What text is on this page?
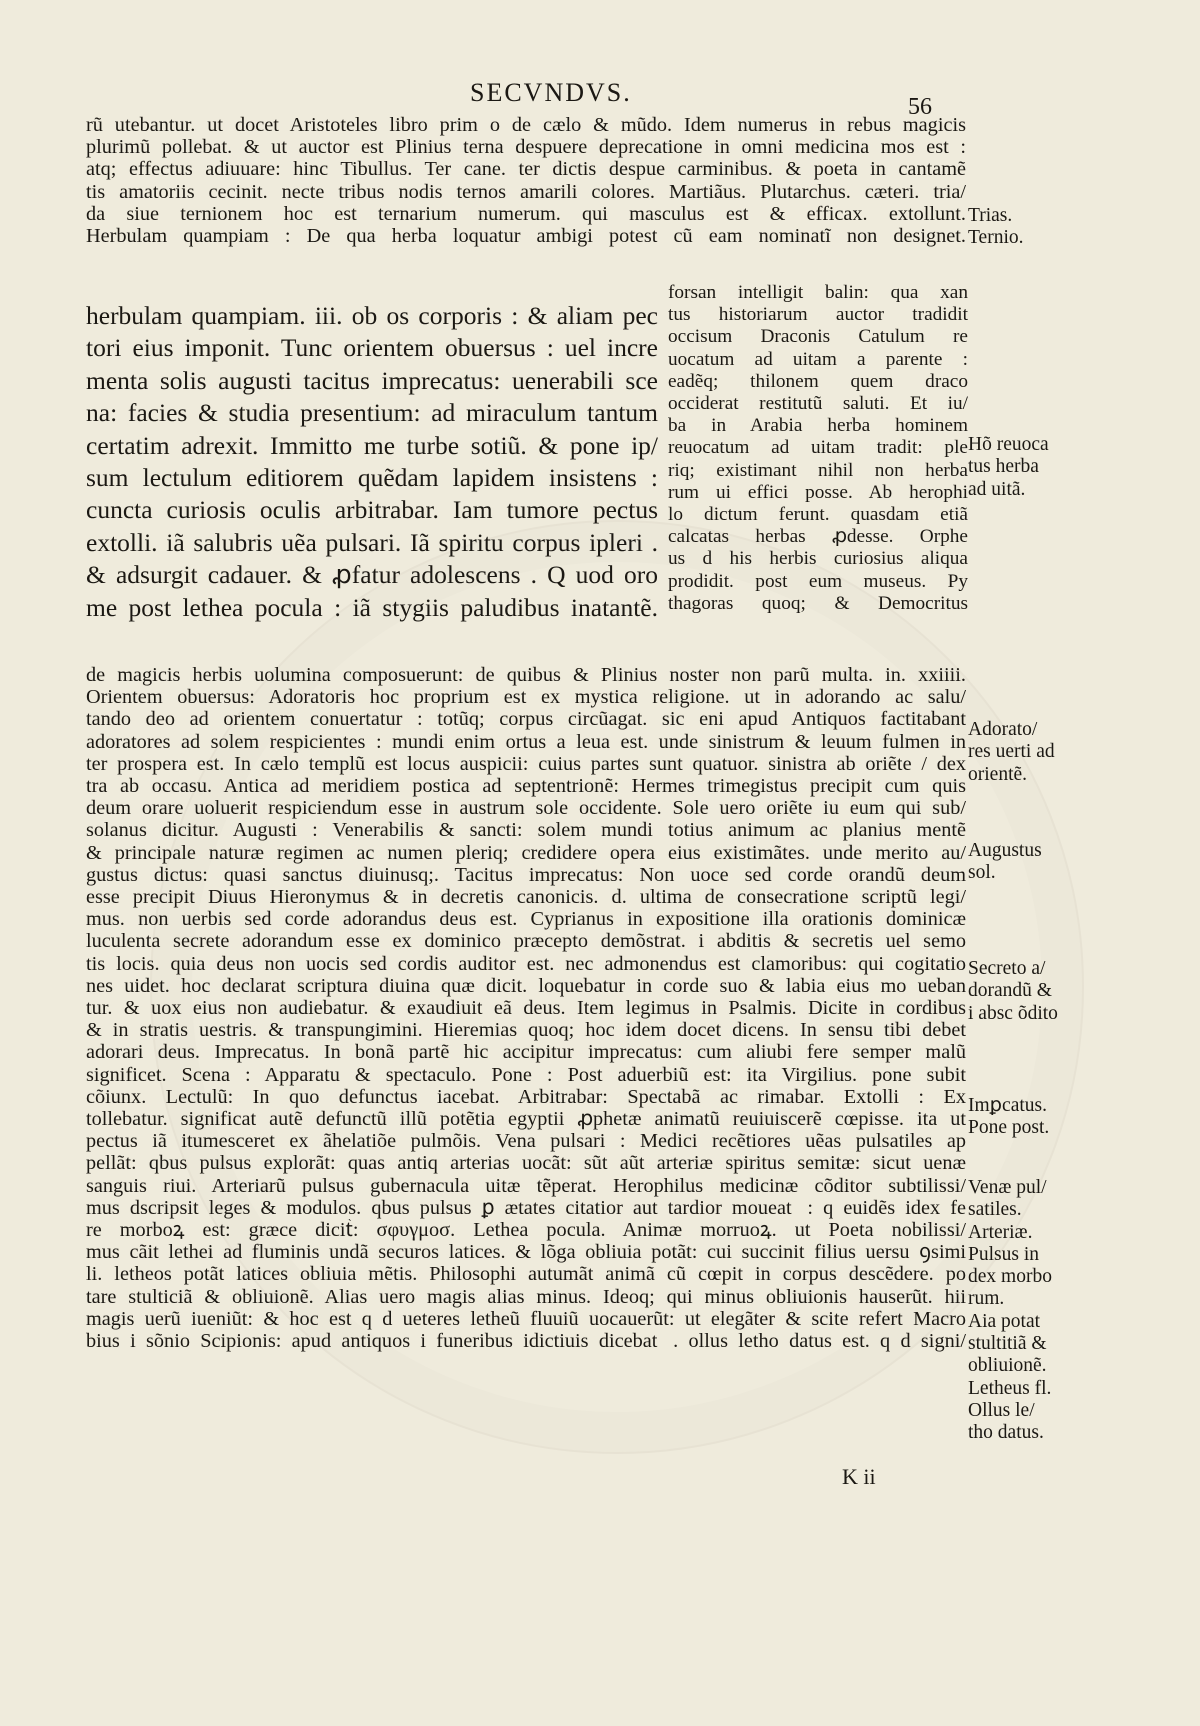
SECVNDVS.	56

rũ utebantur. ut docet Aristoteles libro prim o de cælo & mũdo. Idem numerus in rebus magicis
plurimũ pollebat. & ut auctor est Plinius terna despuere deprecatione in omni medicina mos est :
atq; effectus adiuuare: hinc Tibullus. Ter cane. ter dictis despue carminibus. & poeta in cantamẽ
tis amatoriis cecinit. necte tribus nodis ternos amarili colores. Martiãus. Plutarchus. cæteri. tria/
da siue ternionem hoc est ternarium numerum. qui masculus est & efficax. extollunt.
Herbulam quampiam : De qua herba loquatur ambigi potest cũ eam nominatĩ non designet.
herbulam quampiam. iii. ob os corporis : & aliam pec
tori eius imponit. Tunc orientem obuersus : uel incre
menta solis augusti tacitus imprecatus: uenerabili sce
na: facies & studia presentium: ad miraculum tantum
certatim adrexit. Immitto me turbe sotiũ. & pone ip/
sum lectulum editiorem quẽdam lapidem insistens :
cuncta curiosis oculis arbitrabar. Iam tumore pectus
extolli. iã salubris uẽa pulsari. Iã spiritu corpus ipleri .
& adsurgit cadauer. & ꝓfatur adolescens . Q uod oro
me post lethea pocula : iã stygiis paludibus inatantẽ.
forsan intelligit balin: qua xan
tus historiarum auctor tradidit
occisum Draconis Catulum re
uocatum ad uitam a parente :
eadẽq; thilonem quem draco
occiderat restitutũ saluti. Et iu/
ba in Arabia herba hominem
reuocatum ad uitam tradit: ple
riq; existimant nihil non herba
rum ui effici posse. Ab herophi
lo dictum ferunt. quasdam etiã
calcatas herbas ꝓdesse. Orphe
us d his herbis curiosius aliqua
prodidit. post eum museus. Py
thagoras quoq; & Democritus
de magicis herbis uolumina composuerunt: de quibus & Plinius noster non parũ multa. in. xxiiii.
Orientem obuersus: Adoratoris hoc proprium est ex mystica religione. ut in adorando ac salu/
tando deo ad orientem conuertatur : totũq; corpus circũagat. sic eni apud Antiquos factitabant
adoratores ad solem respicientes : mundi enim ortus a leua est. unde sinistrum & leuum fulmen in
ter prospera est. In cælo templũ est locus auspicii: cuius partes sunt quatuor. sinistra ab oriẽte / dex
tra ab occasu. Antica ad meridiem postica ad septentrionẽ: Hermes trimegistus precipit cum quis
deum orare uoluerit respiciendum esse in austrum sole occidente. Sole uero oriẽte iu eum qui sub/
solanus dicitur. Augusti : Venerabilis & sancti: solem mundi totius animum ac planius mentẽ
& principale naturæ regimen ac numen pleriq; credidere opera eius existimãtes. unde merito au/
gustus dictus: quasi sanctus diuinusq;. Tacitus imprecatus: Non uoce sed corde orandũ deum
esse precipit Diuus Hieronymus & in decretis canonicis. d. ultima de consecratione scriptũ legi/
mus. non uerbis sed corde adorandus deus est. Cyprianus in expositione illa orationis dominicæ
luculenta secrete adorandum esse ex dominico præcepto demõstrat. i abditis & secretis uel semo
tis locis. quia deus non uocis sed cordis auditor est. nec admonendus est clamoribus: qui cogitatio
nes uidet. hoc declarat scriptura diuina quæ dicit. loquebatur in corde suo & labia eius mo ueban
tur. & uox eius non audiebatur. & exaudiuit eã deus. Item legimus in Psalmis. Dicite in cordibus
& in stratis uestris. & transpungimini. Hieremias quoq; hoc idem docet dicens. In sensu tibi debet
adorari deus. Imprecatus. In bonã partẽ hic accipitur imprecatus: cum aliubi fere semper malũ
significet. Scena : Apparatu & spectaculo. Pone : Post aduerbiũ est: ita Virgilius. pone subit
cõiunx. Lectulũ: In quo defunctus iacebat. Arbitrabar: Spectabã ac rimabar. Extolli : Ex
tollebatur. significat autẽ defunctũ illũ potẽtia egyptii ꝓphetæ animatũ reuiuiscerẽ cœpisse. ita ut
pectus iã itumesceret ex ãhelatiõe pulmõis. Vena pulsari : Medici recẽtiores uẽas pulsatiles ap
pellãt: qbus pulsus explorãt: quas antiq arterias uocãt: sũt aũt arteriæ spiritus semitæ: sicut uenæ
sanguis riui. Arteriarũ pulsus gubernacula uitæ tẽperat. Herophilus medicinæ cõditor subtilissi/
mus dscripsit leges & modulos. qbus pulsus ꝑ ætates citatior aut tardior moueatᷣ: q euidẽs idex fe
re morboꝝ est: græce dicitᷣ: σφυγμοσ. Lethea pocula. Animæ morruoꝝ. ut Poeta nobilissi/
mus cãit lethei ad fluminis undã securos latices. & lõga obliuia potãt: cui succinit filius uersu ꝯsimi
li. letheos potãt latices obliuia mẽtis. Philosophi autumãt animã cũ cœpit in corpus descẽdere. po
tare stulticiã & obliuionẽ. Alias uero magis alias minus. Ideoq; qui minus obliuionis hauserũt. hii
magis uerũ iueniũt: & hoc est q d ueteres letheũ fluuiũ uocauerũt: ut elegãter & scite refert Macro
bius i sõnio Scipionis: apud antiquos i funeribus idictiuis dicebatᷣ. ollus letho datus est. q d signi/
Trias.
Ternio.
Hõ reuoca
tus herba
ad uitã.
Adorato/
res uerti ad
orientẽ.
Augustus
sol.
Secreto a/
dorandũ &
i absc õdito
Imꝑcatus.
Pone post.
Venæ pul/
satiles.
Arteriæ.
Pulsus in
dex morbo
rum.
Aia potat
stultitiã &
obliuionẽ.
Letheus fl.
Ollus le/
tho datus.

K ii
